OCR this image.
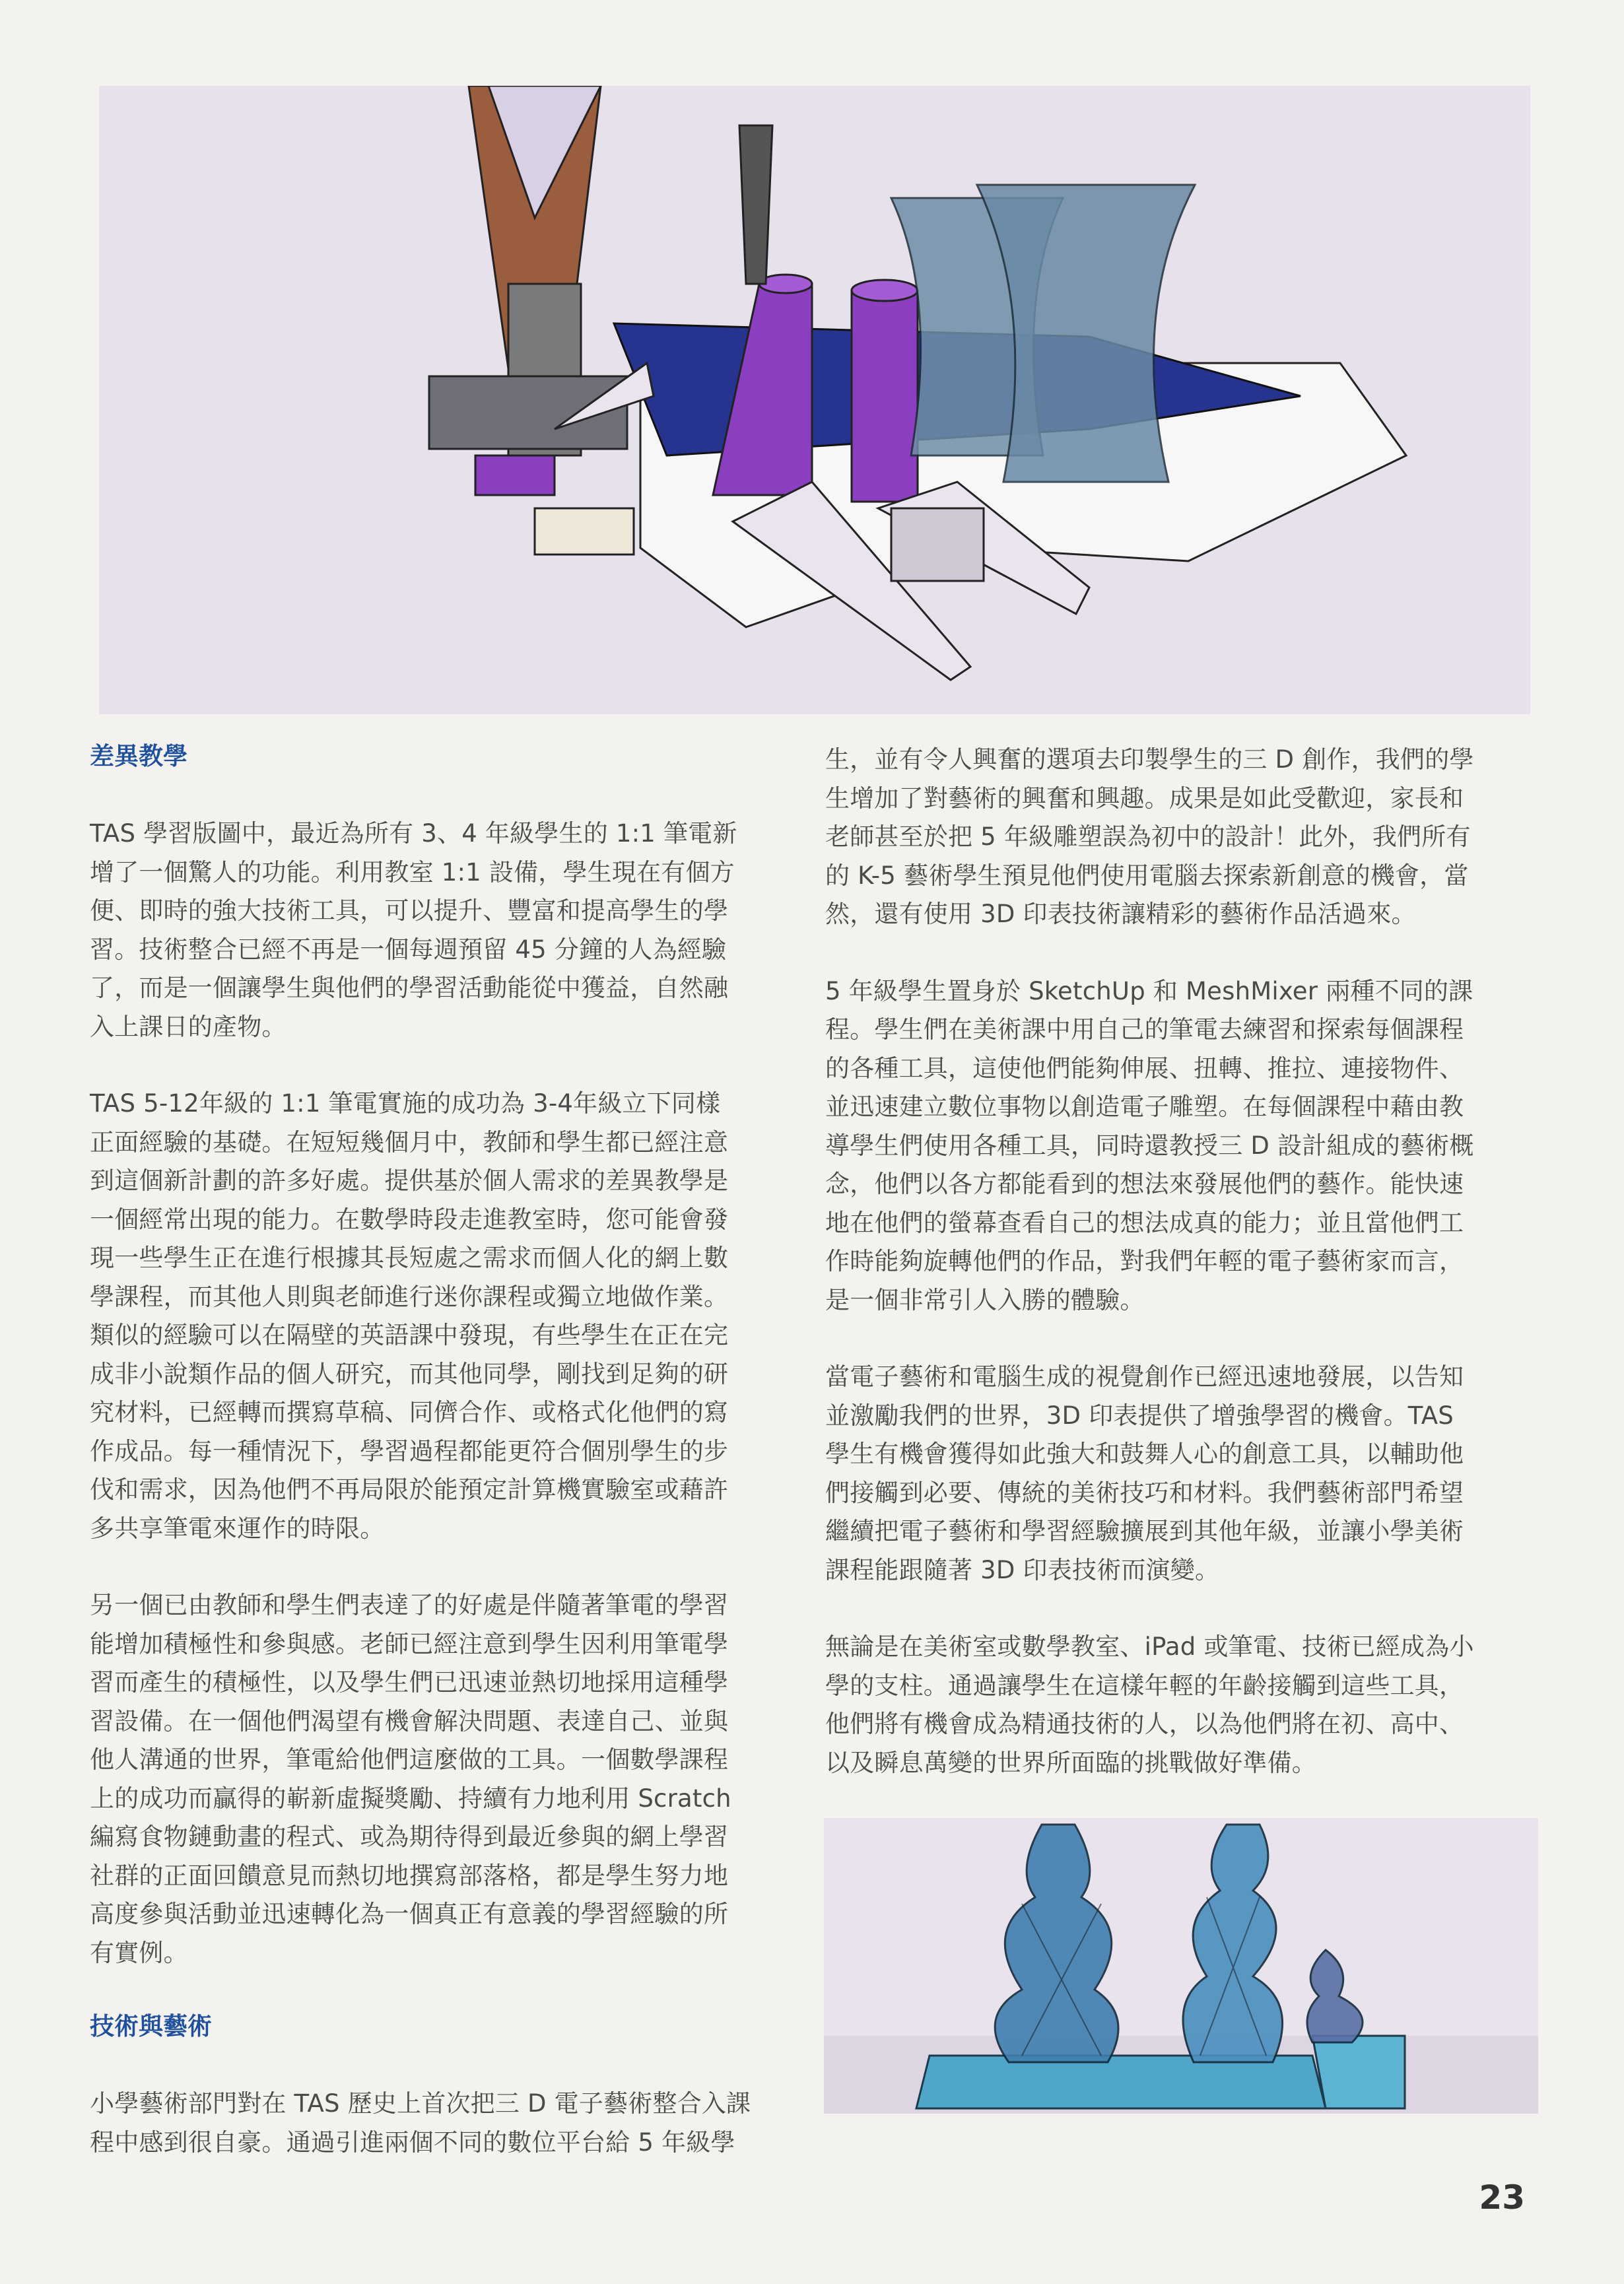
差異教學
TAS 學習版圖中，最近為所有 3、4 年級學生的 1:1 筆電新
增了一個驚人的功能。利用教室 1:1 設備，學生現在有個方
便、即時的強大技術工具，可以提升、豐富和提高學生的學
習。技術整合已經不再是一個每週預留 45 分鐘的人為經驗
了，而是一個讓學生與他們的學習活動能從中獲益，自然融
入上課日的產物。
TAS 5-12年級的 1:1 筆電實施的成功為 3-4年級立下同樣
正面經驗的基礎。在短短幾個月中，教師和學生都已經注意
到這個新計劃的許多好處。提供基於個人需求的差異教學是
一個經常出現的能力。在數學時段走進教室時，您可能會發
現一些學生正在進行根據其長短處之需求而個人化的網上數
學課程，而其他人則與老師進行迷你課程或獨立地做作業。
類似的經驗可以在隔壁的英語課中發現，有些學生在正在完
成非小說類作品的個人研究，而其他同學，剛找到足夠的研
究材料，已經轉而撰寫草稿、同儕合作、或格式化他們的寫
作成品。每一種情況下，學習過程都能更符合個別學生的步
伐和需求，因為他們不再局限於能預定計算機實驗室或藉許
多共享筆電來運作的時限。
另一個已由教師和學生們表達了的好處是伴隨著筆電的學習
能增加積極性和參與感。老師已經注意到學生因利用筆電學
習而產生的積極性，以及學生們已迅速並熱切地採用這種學
習設備。在一個他們渴望有機會解決問題、表達自己、並與
他人溝通的世界，筆電給他們這麼做的工具。一個數學課程
上的成功而贏得的嶄新虛擬獎勵、持續有力地利用 Scratch
編寫食物鏈動畫的程式、或為期待得到最近參與的網上學習
社群的正面回饋意見而熱切地撰寫部落格，都是學生努力地
高度參與活動並迅速轉化為一個真正有意義的學習經驗的所
有實例。
技術與藝術
小學藝術部門對在 TAS 歷史上首次把三 D 電子藝術整合入課
程中感到很自豪。通過引進兩個不同的數位平台給 5 年級學
生，並有令人興奮的選項去印製學生的三 D 創作，我們的學
生增加了對藝術的興奮和興趣。成果是如此受歡迎，家長和
老師甚至於把 5 年級雕塑誤為初中的設計！此外，我們所有
的 K-5 藝術學生預見他們使用電腦去探索新創意的機會，當
然，還有使用 3D 印表技術讓精彩的藝術作品活過來。
5 年級學生置身於 SketchUp 和 MeshMixer 兩種不同的課
程。學生們在美術課中用自己的筆電去練習和探索每個課程
的各種工具，這使他們能夠伸展、扭轉、推拉、連接物件、
並迅速建立數位事物以創造電子雕塑。在每個課程中藉由教
導學生們使用各種工具，同時還教授三 D 設計組成的藝術概
念，他們以各方都能看到的想法來發展他們的藝作。能快速
地在他們的螢幕查看自己的想法成真的能力；並且當他們工
作時能夠旋轉他們的作品，對我們年輕的電子藝術家而言，
是一個非常引人入勝的體驗。
當電子藝術和電腦生成的視覺創作已經迅速地發展，以告知
並激勵我們的世界，3D 印表提供了增強學習的機會。TAS
學生有機會獲得如此強大和鼓舞人心的創意工具，以輔助他
們接觸到必要、傳統的美術技巧和材料。我們藝術部門希望
繼續把電子藝術和學習經驗擴展到其他年級，並讓小學美術
課程能跟隨著 3D 印表技術而演變。
無論是在美術室或數學教室、iPad 或筆電、技術已經成為小
學的支柱。通過讓學生在這樣年輕的年齡接觸到這些工具，
他們將有機會成為精通技術的人，以為他們將在初、高中、
以及瞬息萬變的世界所面臨的挑戰做好準備。
23
